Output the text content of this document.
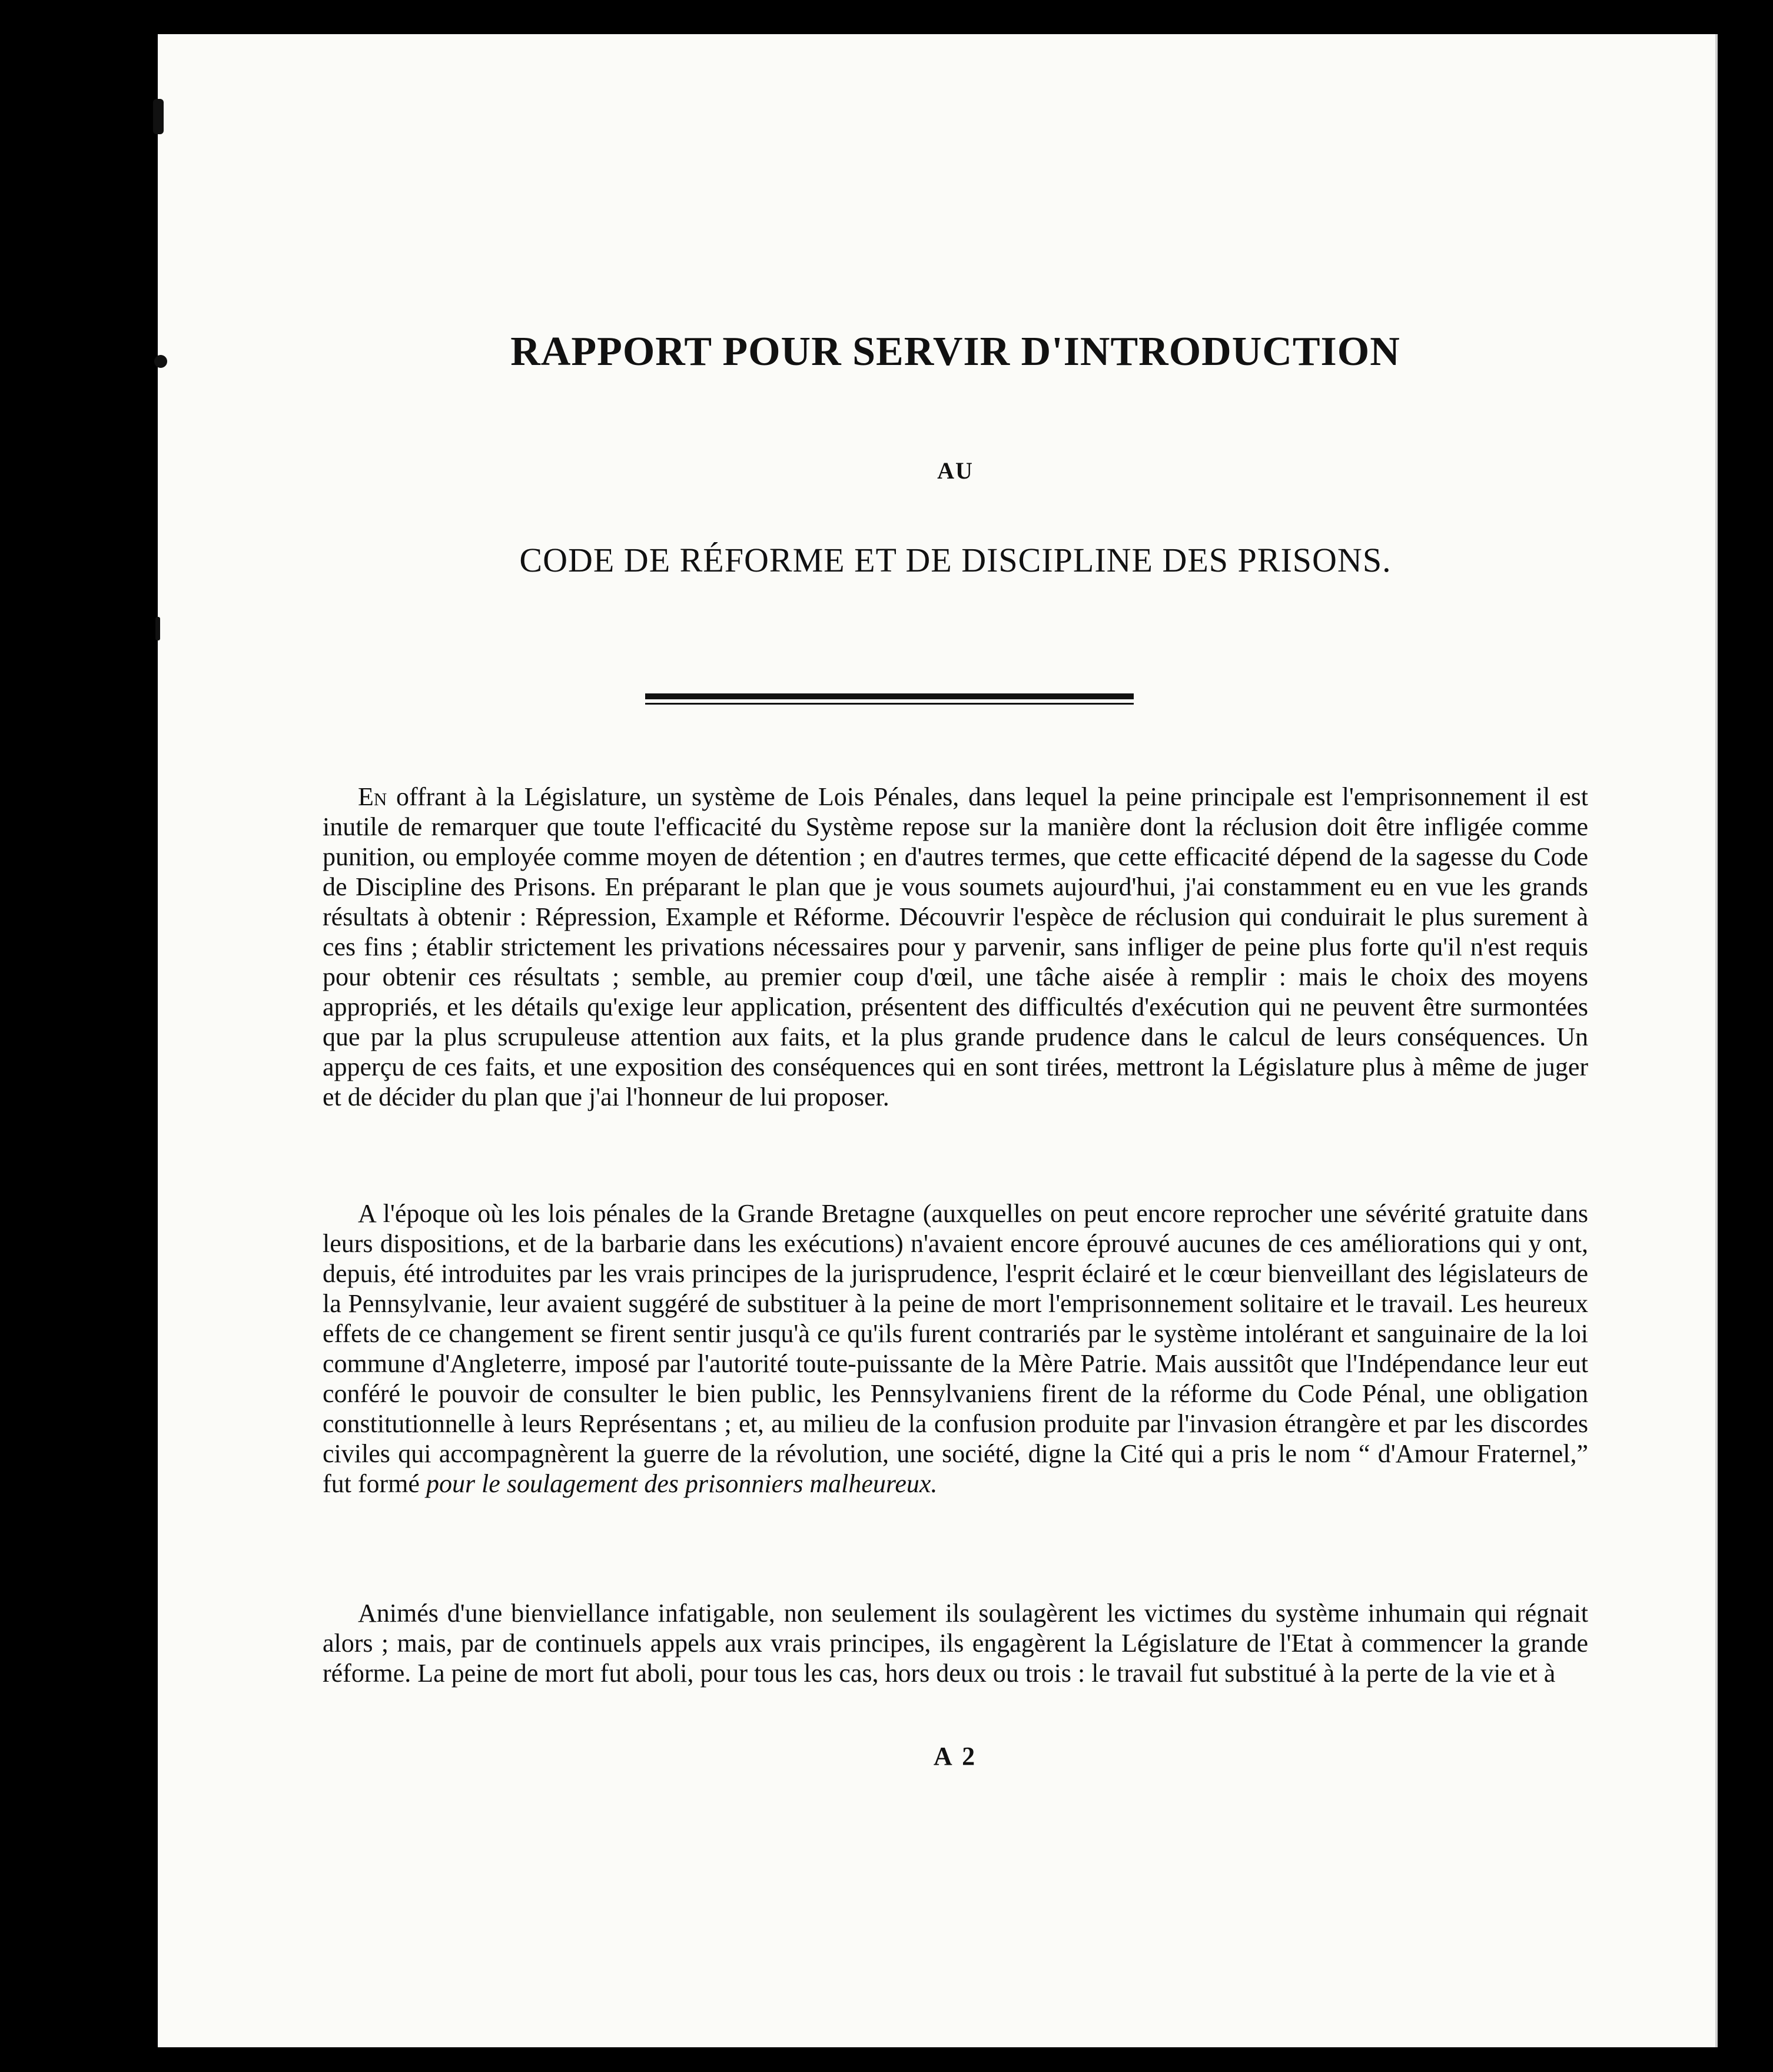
RAPPORT POUR SERVIR D'INTRODUCTION
AU
CODE DE RÉFORME ET DE DISCIPLINE DES PRISONS.

En offrant à la Législature, un système de Lois Pénales, dans lequel la peine principale est l'emprisonnement il est inutile de remarquer que toute l'efficacité du Système repose sur la manière dont la réclusion doit être infligée comme punition, ou employée comme moyen de détention ; en d'autres termes, que cette efficacité dépend de la sagesse du Code de Discipline des Prisons. En préparant le plan que je vous soumets aujourd'hui, j'ai constamment eu en vue les grands résultats à obtenir : Répression, Example et Réforme. Découvrir l'espèce de réclusion qui conduirait le plus surement à ces fins ; établir strictement les privations nécessaires pour y parvenir, sans infliger de peine plus forte qu'il n'est requis pour obtenir ces résultats ; semble, au premier coup d'œil, une tâche aisée à remplir : mais le choix des moyens appropriés, et les détails qu'exige leur application, présentent des difficultés d'exécution qui ne peuvent être surmontées que par la plus scrupuleuse attention aux faits, et la plus grande prudence dans le calcul de leurs conséquences. Un apperçu de ces faits, et une exposition des conséquences qui en sont tirées, mettront la Législature plus à même de juger et de décider du plan que j'ai l'honneur de lui proposer.

A l'époque où les lois pénales de la Grande Bretagne (auxquelles on peut encore reprocher une sévérité gratuite dans leurs dispositions, et de la barbarie dans les exécutions) n'avaient encore éprouvé aucunes de ces améliorations qui y ont, depuis, été introduites par les vrais principes de la jurisprudence, l'esprit éclairé et le cœur bienveillant des législateurs de la Pennsylvanie, leur avaient suggéré de substituer à la peine de mort l'emprisonnement solitaire et le travail. Les heureux effets de ce changement se firent sentir jusqu'à ce qu'ils furent contrariés par le système intolérant et sanguinaire de la loi commune d'Angleterre, imposé par l'autorité toute-puissante de la Mère Patrie. Mais aussitôt que l'Indépendance leur eut conféré le pouvoir de consulter le bien public, les Pennsylvaniens firent de la réforme du Code Pénal, une obligation constitutionnelle à leurs Représentans ; et, au milieu de la confusion produite par l'invasion étrangère et par les discordes civiles qui accompagnèrent la guerre de la révolution, une société, digne la Cité qui a pris le nom “ d'Amour Fraternel,” fut formé pour le soulagement des prisonniers malheureux.

Animés d'une bienviellance infatigable, non seulement ils soulagèrent les victimes du système inhumain qui régnait alors ; mais, par de continuels appels aux vrais principes, ils engagèrent la Législature de l'Etat à commencer la grande réforme. La peine de mort fut aboli, pour tous les cas, hors deux ou trois : le travail fut substitué à la perte de la vie et à

A 2
